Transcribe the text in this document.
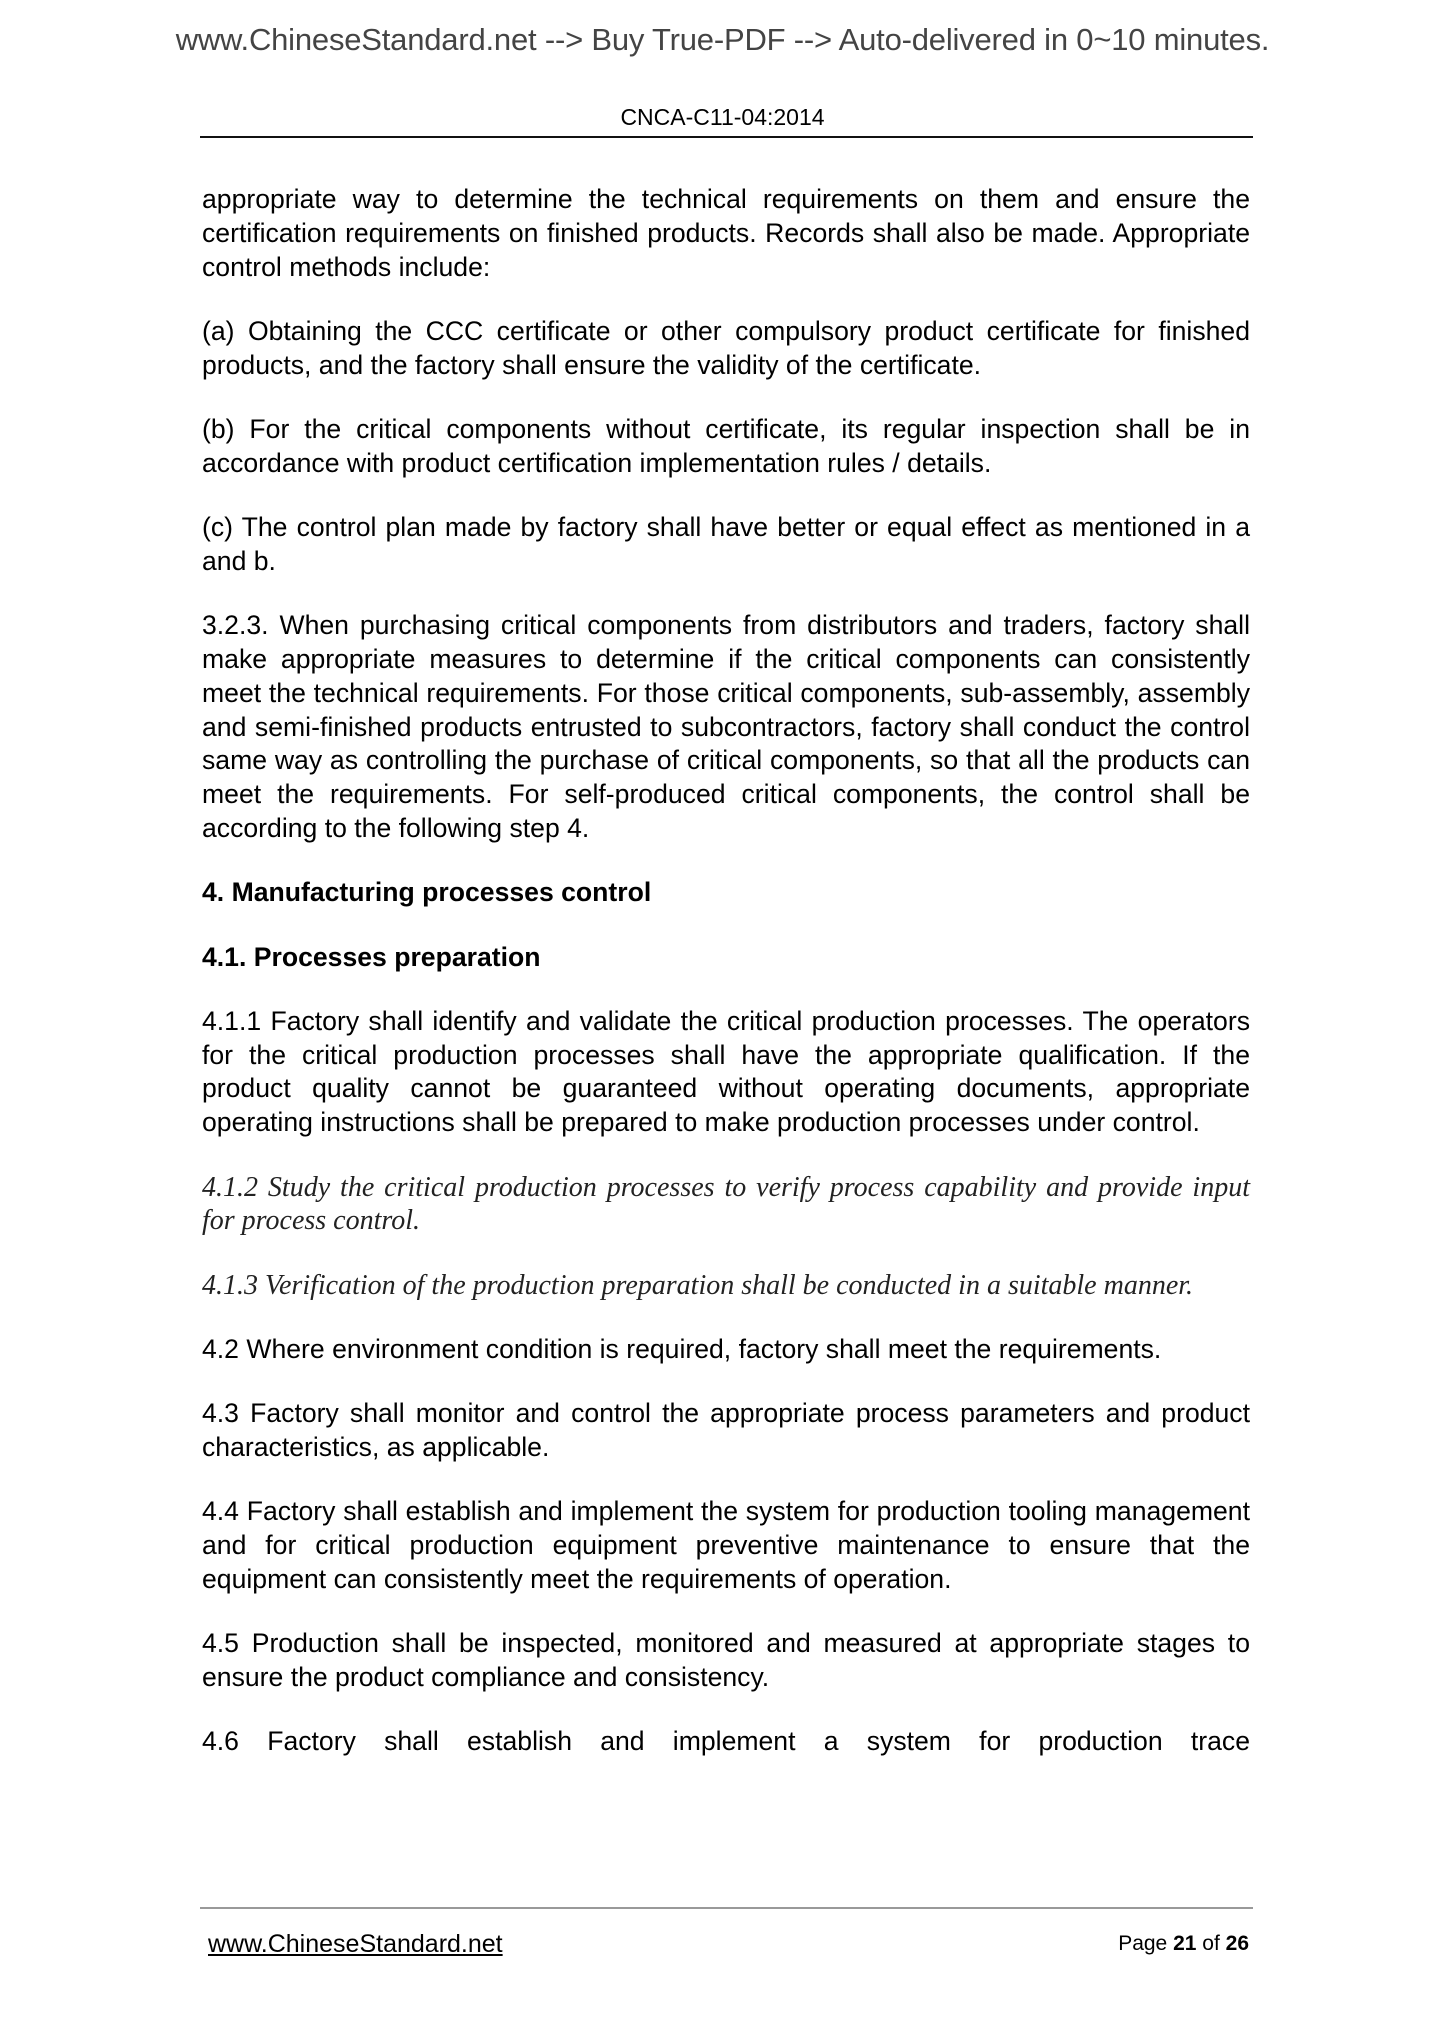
www.ChineseStandard.net --> Buy True-PDF --> Auto-delivered in 0~10 minutes.
CNCA-C11-04:2014

appropriate way to determine the technical requirements on them and ensure the certification requirements on finished products. Records shall also be made. Appropriate control methods include:

(a) Obtaining the CCC certificate or other compulsory product certificate for finished products, and the factory shall ensure the validity of the certificate.

(b) For the critical components without certificate, its regular inspection shall be in accordance with product certification implementation rules / details.

(c) The control plan made by factory shall have better or equal effect as mentioned in a and b.

3.2.3. When purchasing critical components from distributors and traders, factory shall make appropriate measures to determine if the critical components can consistently meet the technical requirements. For those critical components, sub-assembly, assembly and semi-finished products entrusted to subcontractors, factory shall conduct the control same way as controlling the purchase of critical components, so that all the products can meet the requirements. For self-produced critical components, the control shall be according to the following step 4.

4. Manufacturing processes control

4.1. Processes preparation

4.1.1 Factory shall identify and validate the critical production processes. The operators for the critical production processes shall have the appropriate qualification. If the product quality cannot be guaranteed without operating documents, appropriate operating instructions shall be prepared to make production processes under control.

4.1.2 Study the critical production processes to verify process capability and provide input for process control.

4.1.3 Verification of the production preparation shall be conducted in a suitable manner.

4.2 Where environment condition is required, factory shall meet the requirements.

4.3 Factory shall monitor and control the appropriate process parameters and product characteristics, as applicable.

4.4 Factory shall establish and implement the system for production tooling management and for critical production equipment preventive maintenance to ensure that the equipment can consistently meet the requirements of operation.

4.5 Production shall be inspected, monitored and measured at appropriate stages to ensure the product compliance and consistency.

4.6 Factory shall establish and implement a system for production trace

www.ChineseStandard.net	Page 21 of 26
